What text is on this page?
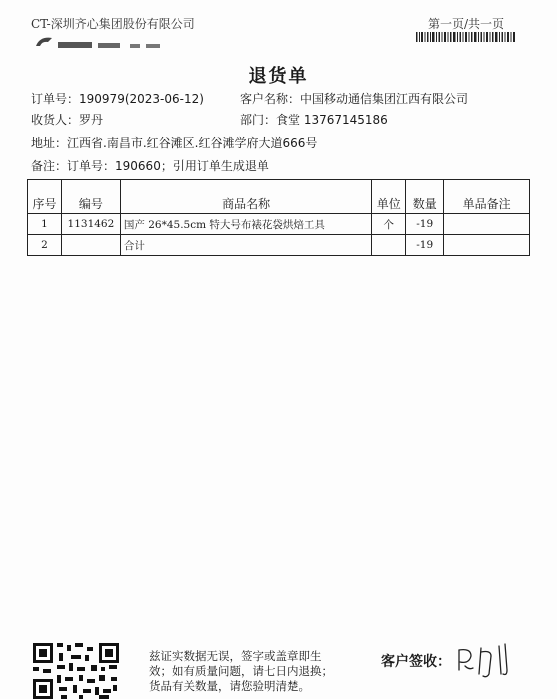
CT-深圳齐心集团股份有限公司	第一页/共一页
退货单
订单号：190979(2023-06-12)	客户名称：中国移动通信集团江西有限公司
收货人：罗丹	部门：食堂 13767145186
地址：江西省.南昌市.红谷滩区.红谷滩学府大道666号
备注：订单号：190660；引用订单生成退单
序号	编号	商品名称	单位	数量	单品备注
1	1131462	国产 26*45.5cm 特大号布裱花袋烘焙工具	个	-19	
2		合计		-19	
兹证实数据无误，签字或盖章即生
效；如有质量问题，请七日内退换；
货品有关数量，请您验明清楚。
客户签收：
